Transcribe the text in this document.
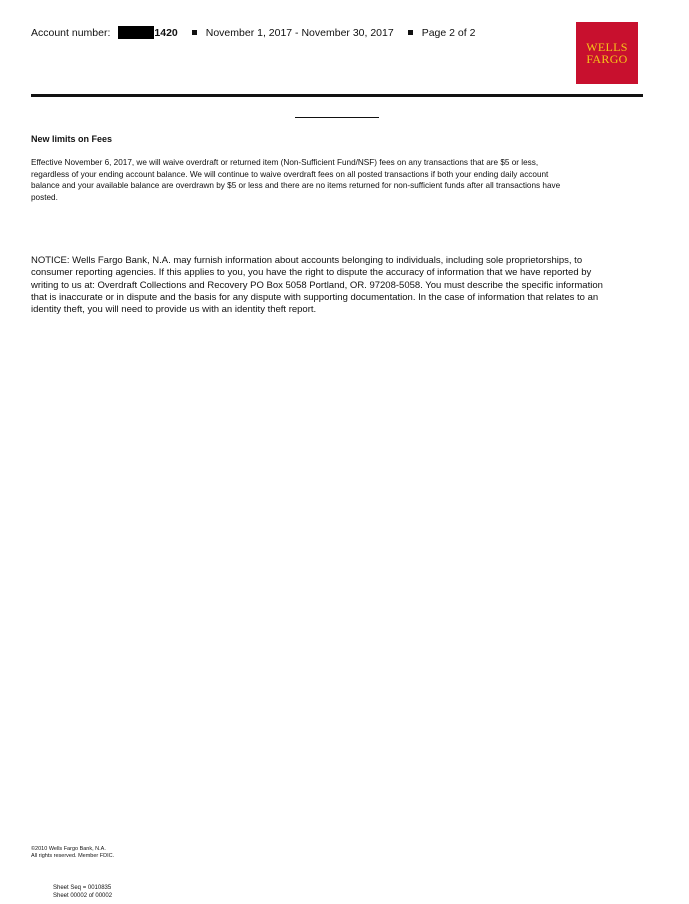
Account number:	1420	November 1, 2017 - November 30, 2017	Page 2 of 2
WELLS
FARGO
New limits on Fees
Effective November 6, 2017, we will waive overdraft or returned item (Non-Sufficient Fund/NSF) fees on any transactions that are $5 or less, regardless of your ending account balance. We will continue to waive overdraft fees on all posted transactions if both your ending daily account balance and your available balance are overdrawn by $5 or less and there are no items returned for non-sufficient funds after all transactions have posted.
NOTICE: Wells Fargo Bank, N.A. may furnish information about accounts belonging to individuals, including sole proprietorships, to consumer reporting agencies. If this applies to you, you have the right to dispute the accuracy of information that we have reported by writing to us at: Overdraft Collections and Recovery PO Box 5058 Portland, OR. 97208-5058. You must describe the specific information that is inaccurate or in dispute and the basis for any dispute with supporting documentation. In the case of information that relates to an identity theft, you will need to provide us with an identity theft report.
©2010 Wells Fargo Bank, N.A.
All rights reserved. Member FDIC.
Sheet Seq = 0010835
Sheet 00002 of 00002
